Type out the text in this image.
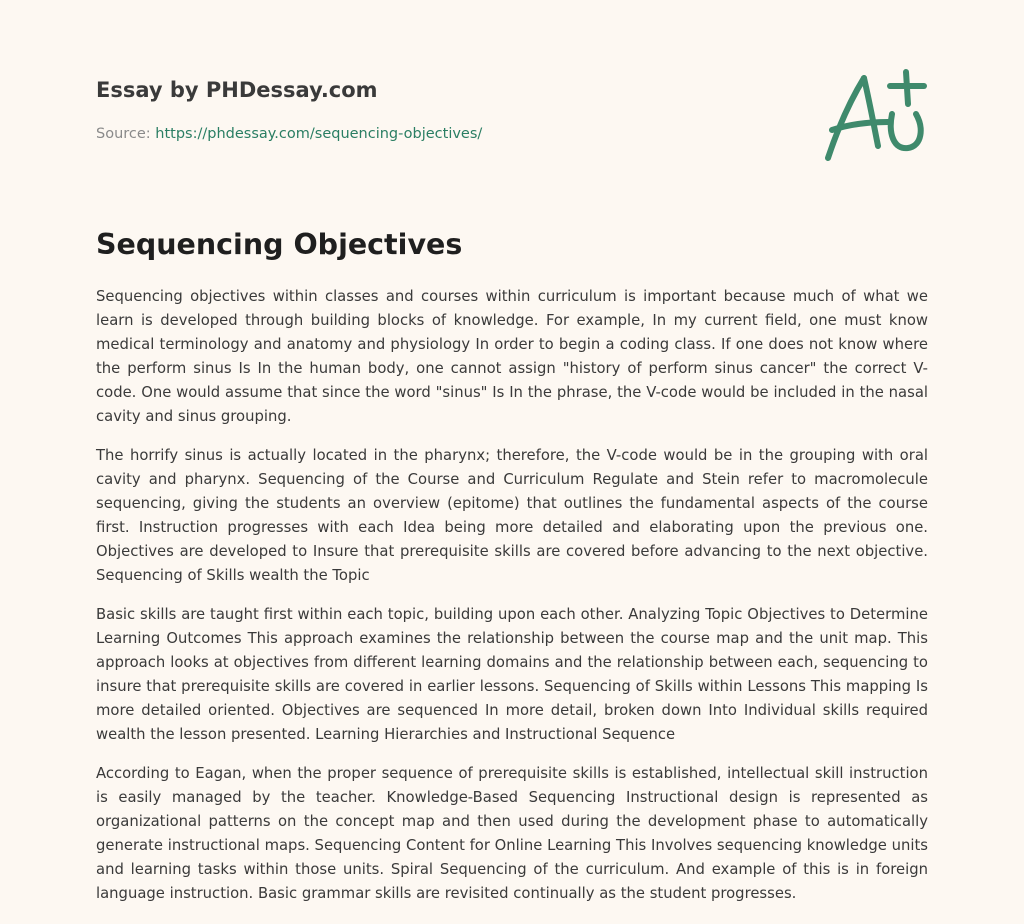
Essay by PHDessay.com
Source: https://phdessay.com/sequencing-objectives/
Sequencing Objectives

Sequencing objectives within classes and courses within curriculum is important because much of what we learn is developed through building blocks of knowledge. For example, In my current field, one must know medical terminology and anatomy and physiology In order to begin a coding class. If one does not know where the perform sinus Is In the human body, one cannot assign "history of perform sinus cancer" the correct V-code. One would assume that since the word "sinus" Is In the phrase, the V-code would be included in the nasal cavity and sinus grouping.

The horrify sinus is actually located in the pharynx; therefore, the V-code would be in the grouping with oral cavity and pharynx. Sequencing of the Course and Curriculum Regulate and Stein refer to macromolecule sequencing, giving the students an overview (epitome) that outlines the fundamental aspects of the course first. Instruction progresses with each Idea being more detailed and elaborating upon the previous one. Objectives are developed to Insure that prerequisite skills are covered before advancing to the next objective. Sequencing of Skills wealth the Topic

Basic skills are taught first within each topic, building upon each other. Analyzing Topic Objectives to Determine Learning Outcomes This approach examines the relationship between the course map and the unit map. This approach looks at objectives from different learning domains and the relationship between each, sequencing to insure that prerequisite skills are covered in earlier lessons. Sequencing of Skills within Lessons This mapping Is more detailed oriented. Objectives are sequenced In more detail, broken down Into Individual skills required wealth the lesson presented. Learning Hierarchies and Instructional Sequence

According to Eagan, when the proper sequence of prerequisite skills is established, intellectual skill instruction is easily managed by the teacher. Knowledge-Based Sequencing Instructional design is represented as organizational patterns on the concept map and then used during the development phase to automatically generate instructional maps. Sequencing Content for Online Learning This Involves sequencing knowledge units and learning tasks within those units. Spiral Sequencing of the curriculum. And example of this is in foreign language instruction. Basic grammar skills are revisited continually as the student progresses.
